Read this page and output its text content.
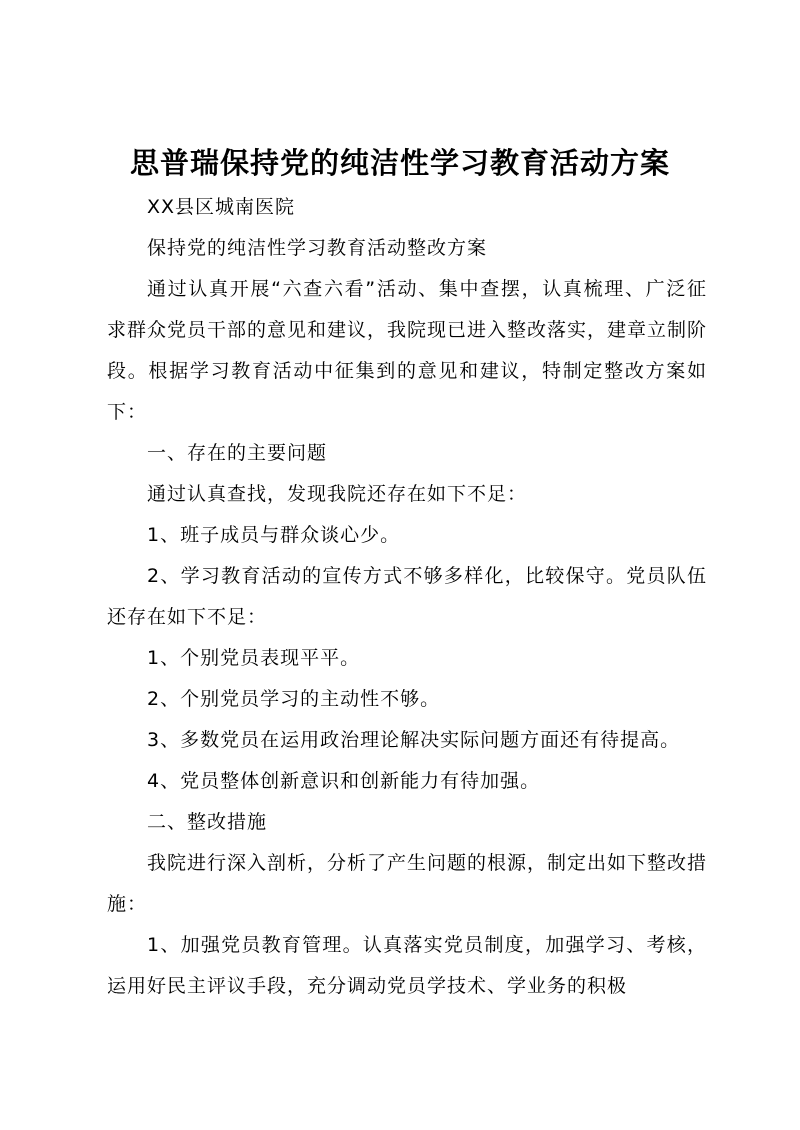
思普瑞保持党的纯洁性学习教育活动方案

XX县区城南医院

保持党的纯洁性学习教育活动整改方案

通过认真开展“六查六看”活动、集中查摆，认真梳理、广泛征求群众党员干部的意见和建议，我院现已进入整改落实，建章立制阶段。根据学习教育活动中征集到的意见和建议，特制定整改方案如下：

一、存在的主要问题

通过认真查找，发现我院还存在如下不足：

1、班子成员与群众谈心少。

2、学习教育活动的宣传方式不够多样化，比较保守。党员队伍还存在如下不足：

1、个别党员表现平平。

2、个别党员学习的主动性不够。

3、多数党员在运用政治理论解决实际问题方面还有待提高。

4、党员整体创新意识和创新能力有待加强。

二、整改措施

我院进行深入剖析，分析了产生问题的根源，制定出如下整改措施：

1、加强党员教育管理。认真落实党员制度，加强学习、考核，运用好民主评议手段，充分调动党员学技术、学业务的积极
